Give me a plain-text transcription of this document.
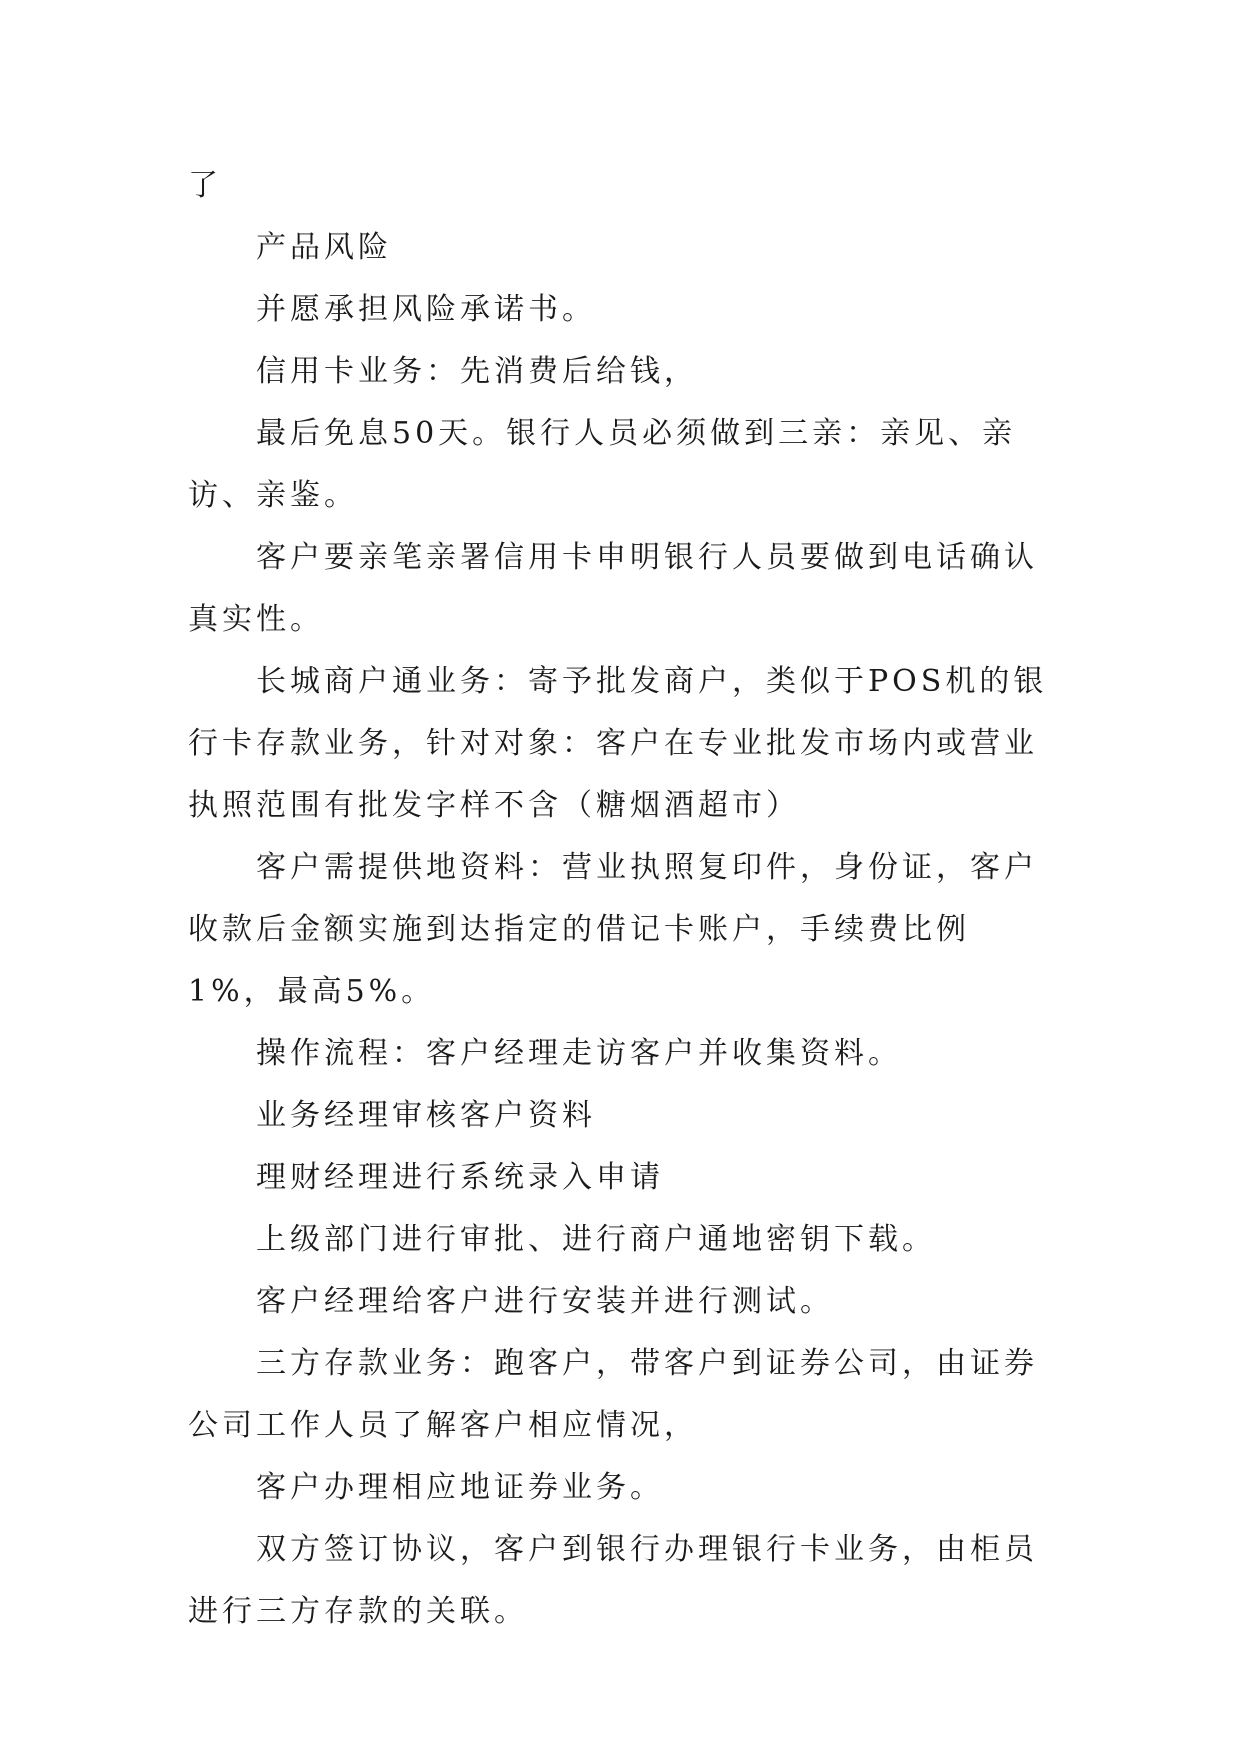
了

产品风险

并愿承担风险承诺书。

信用卡业务：先消费后给钱，

最后免息50天。银行人员必须做到三亲：亲见、亲访、亲鉴。

客户要亲笔亲署信用卡申明银行人员要做到电话确认真实性。

长城商户通业务：寄予批发商户，类似于POS机的银行卡存款业务，针对对象：客户在专业批发市场内或营业执照范围有批发字样不含（糖烟酒超市）

客户需提供地资料：营业执照复印件，身份证，客户收款后金额实施到达指定的借记卡账户，手续费比例1%，最高5%。

操作流程：客户经理走访客户并收集资料。

业务经理审核客户资料

理财经理进行系统录入申请

上级部门进行审批、进行商户通地密钥下载。

客户经理给客户进行安装并进行测试。

三方存款业务：跑客户，带客户到证券公司，由证券公司工作人员了解客户相应情况，

客户办理相应地证券业务。

双方签订协议，客户到银行办理银行卡业务，由柜员进行三方存款的关联。
